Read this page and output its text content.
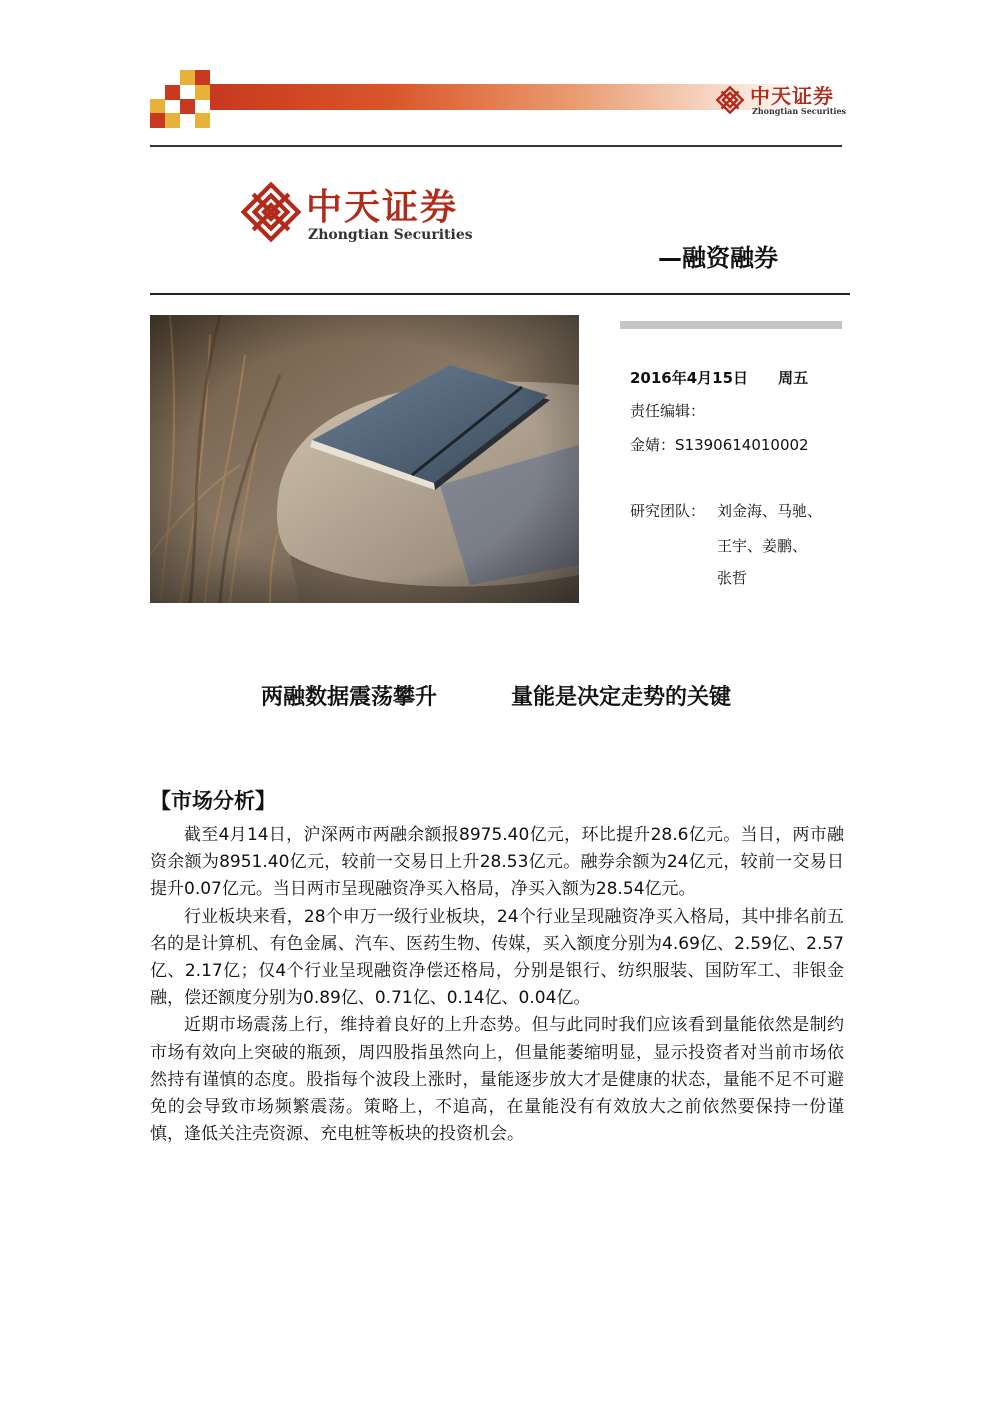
中天证券
Zhongtian Securities
中天证券
Zhongtian Securities
—融资融券
2016年4月15日 周五
责任编辑：
金婧：S1390614010002
研究团队： 刘金海、马驰、
王宇、姜鹏、
张哲
两融数据震荡攀升	量能是决定走势的关键
【市场分析】

截至4月14日，沪深两市两融余额报8975.40亿元，环比提升28.6亿元。当日，两市融资余额为8951.40亿元，较前一交易日上升28.53亿元。融券余额为24亿元，较前一交易日提升0.07亿元。当日两市呈现融资净买入格局，净买入额为28.54亿元。

行业板块来看，28个申万一级行业板块，24个行业呈现融资净买入格局，其中排名前五名的是计算机、有色金属、汽车、医药生物、传媒，买入额度分别为4.69亿、2.59亿、2.57亿、2.17亿；仅4个行业呈现融资净偿还格局，分别是银行、纺织服装、国防军工、非银金融，偿还额度分别为0.89亿、0.71亿、0.14亿、0.04亿。

近期市场震荡上行，维持着良好的上升态势。但与此同时我们应该看到量能依然是制约市场有效向上突破的瓶颈，周四股指虽然向上，但量能萎缩明显，显示投资者对当前市场依然持有谨慎的态度。股指每个波段上涨时，量能逐步放大才是健康的状态，量能不足不可避免的会导致市场频繁震荡。策略上，不追高，在量能没有有效放大之前依然要保持一份谨慎，逢低关注壳资源、充电桩等板块的投资机会。
